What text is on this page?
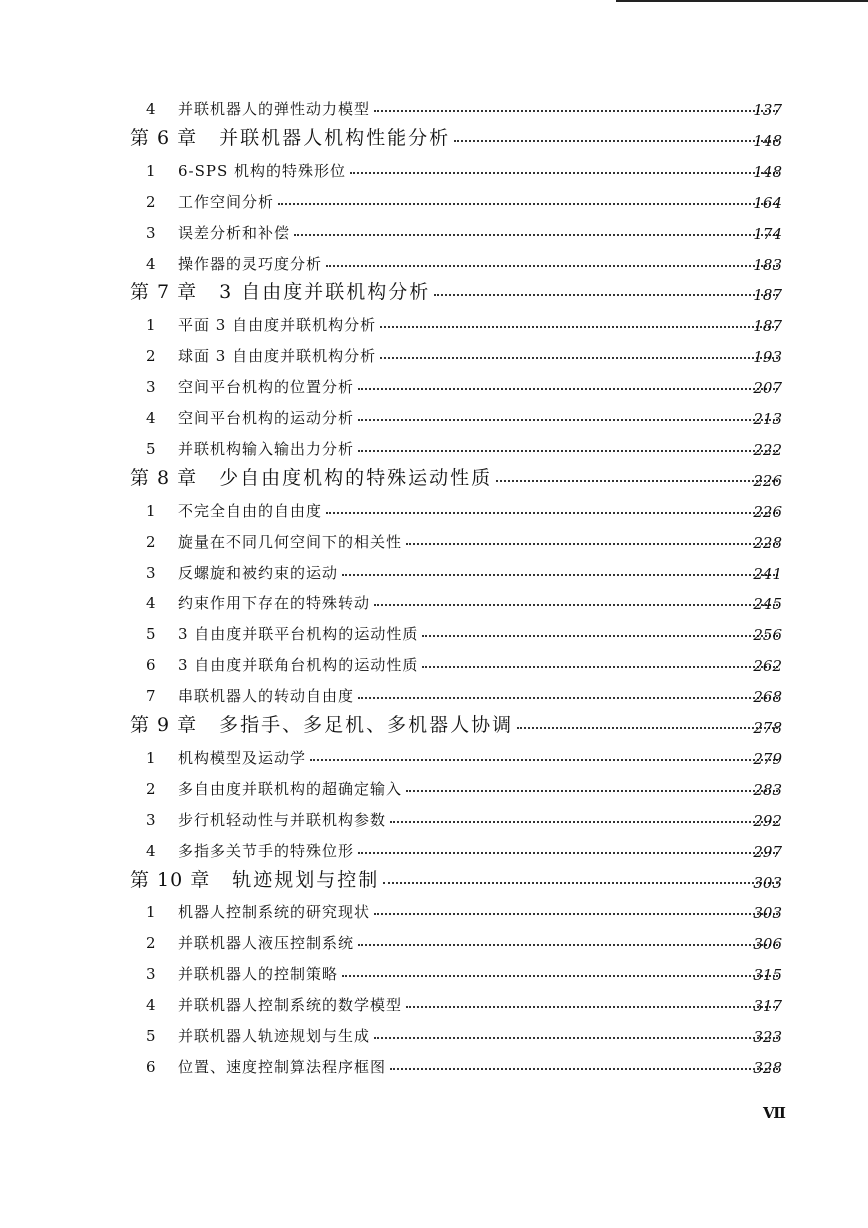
4	并联机器人的弹性动力模型	137
第 6 章 并联机器人机构性能分析	148
1	6-SPS 机构的特殊形位	148
2	工作空间分析	164
3	误差分析和补偿	174
4	操作器的灵巧度分析	183
第 7 章 3 自由度并联机构分析	187
1	平面 3 自由度并联机构分析	187
2	球面 3 自由度并联机构分析	193
3	空间平台机构的位置分析	207
4	空间平台机构的运动分析	213
5	并联机构输入输出力分析	222
第 8 章 少自由度机构的特殊运动性质	226
1	不完全自由的自由度	226
2	旋量在不同几何空间下的相关性	228
3	反螺旋和被约束的运动	241
4	约束作用下存在的特殊转动	245
5	3 自由度并联平台机构的运动性质	256
6	3 自由度并联角台机构的运动性质	262
7	串联机器人的转动自由度	268
第 9 章 多指手、多足机、多机器人协调	278
1	机构模型及运动学	279
2	多自由度并联机构的超确定输入	283
3	步行机轻动性与并联机构参数	292
4	多指多关节手的特殊位形	297
第 10 章 轨迹规划与控制	303
1	机器人控制系统的研究现状	303
2	并联机器人液压控制系统	306
3	并联机器人的控制策略	315
4	并联机器人控制系统的数学模型	317
5	并联机器人轨迹规划与生成	323
6	位置、速度控制算法程序框图	328
Ⅶ
